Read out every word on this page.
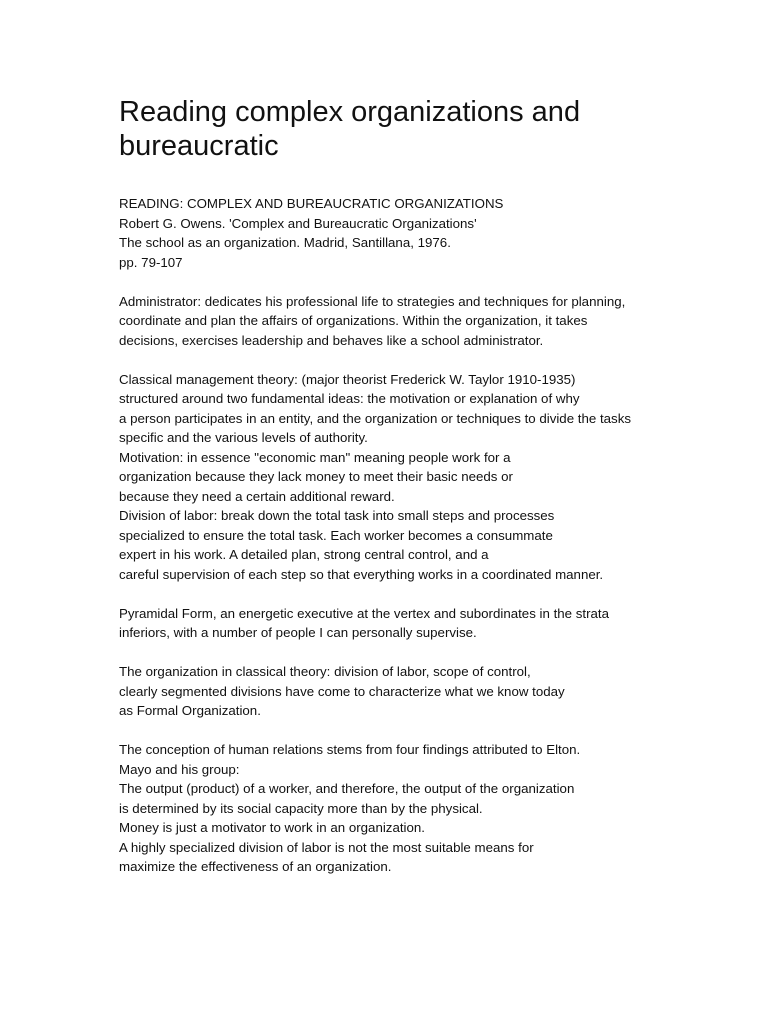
Reading complex organizations and
bureaucratic
READING: COMPLEX AND BUREAUCRATIC ORGANIZATIONS
Robert G. Owens. 'Complex and Bureaucratic Organizations'
The school as an organization. Madrid, Santillana, 1976.
pp. 79-107
Administrator: dedicates his professional life to strategies and techniques for planning,
coordinate and plan the affairs of organizations. Within the organization, it takes
decisions, exercises leadership and behaves like a school administrator.
Classical management theory: (major theorist Frederick W. Taylor 1910-1935)
structured around two fundamental ideas: the motivation or explanation of why
a person participates in an entity, and the organization or techniques to divide the tasks
specific and the various levels of authority.
Motivation: in essence "economic man" meaning people work for a
organization because they lack money to meet their basic needs or
because they need a certain additional reward.
Division of labor: break down the total task into small steps and processes
specialized to ensure the total task. Each worker becomes a consummate
expert in his work. A detailed plan, strong central control, and a
careful supervision of each step so that everything works in a coordinated manner.
Pyramidal Form, an energetic executive at the vertex and subordinates in the strata
inferiors, with a number of people I can personally supervise.
The organization in classical theory: division of labor, scope of control,
clearly segmented divisions have come to characterize what we know today
as Formal Organization.
The conception of human relations stems from four findings attributed to Elton.
Mayo and his group:
The output (product) of a worker, and therefore, the output of the organization
is determined by its social capacity more than by the physical.
Money is just a motivator to work in an organization.
A highly specialized division of labor is not the most suitable means for
maximize the effectiveness of an organization.
